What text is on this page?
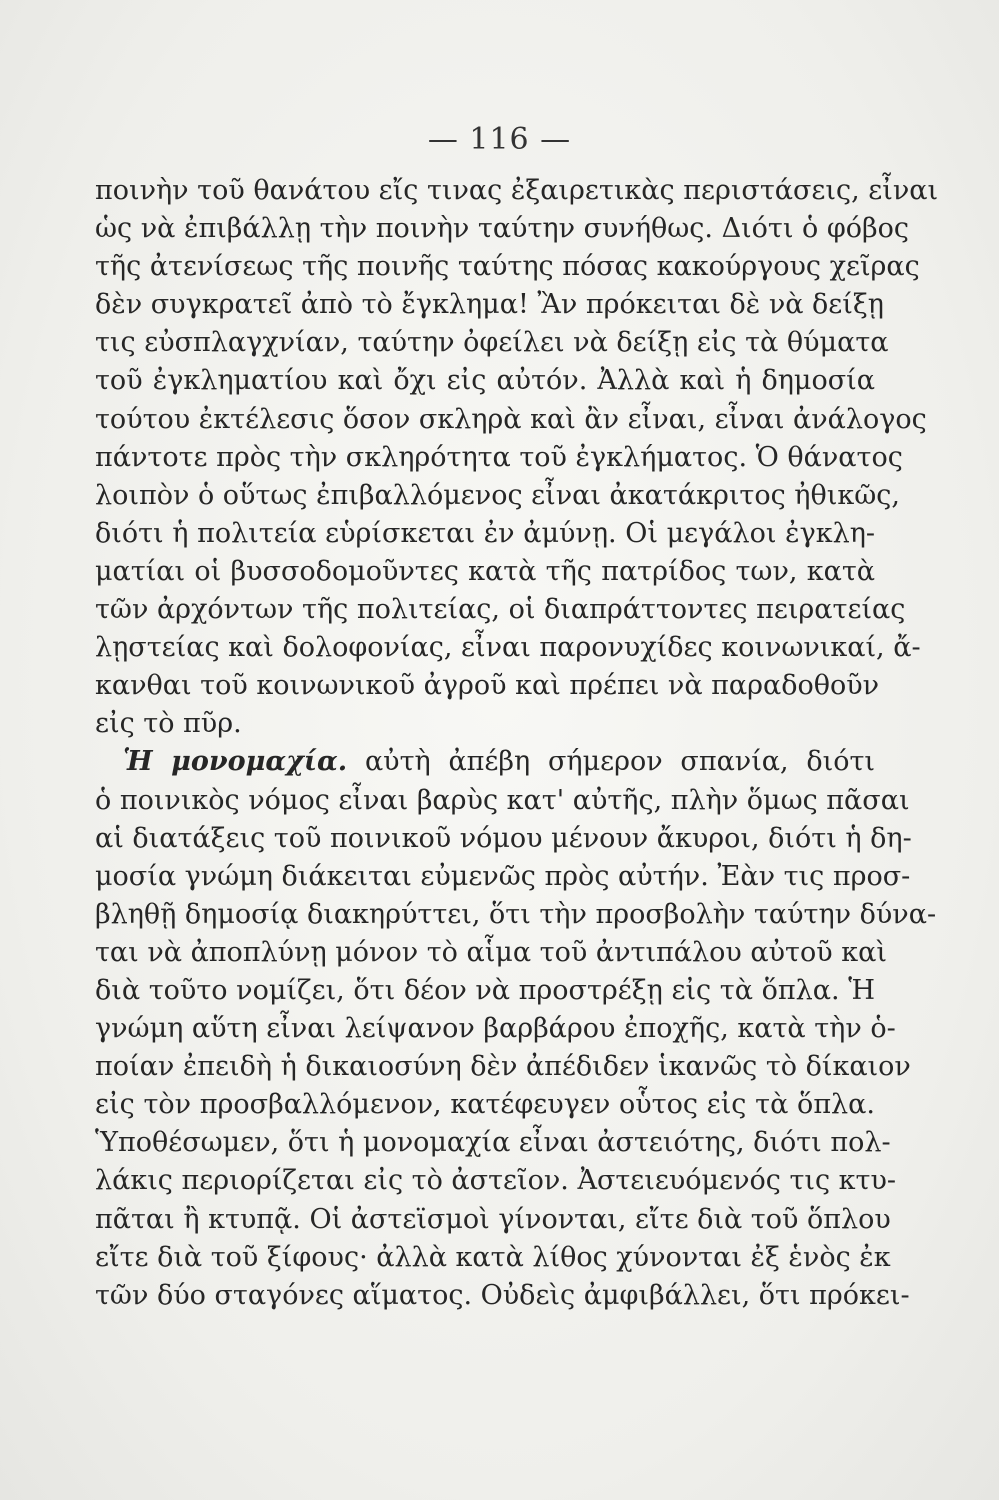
— 116 —
ποινὴν τοῦ θανάτου εἴς τινας ἐξαιρετικὰς περιστάσεις, εἶναι
ὡς νὰ ἐπιβάλλῃ τὴν ποινὴν ταύτην συνήθως. Διότι ὁ φόβος
τῆς ἀτενίσεως τῆς ποινῆς ταύτης πόσας κακούργους χεῖρας
δὲν συγκρατεῖ ἀπὸ τὸ ἔγκλημα! Ἂν πρόκειται δὲ νὰ δείξῃ
τις εὐσπλαγχνίαν, ταύτην ὀφείλει νὰ δείξῃ εἰς τὰ θύματα
τοῦ ἐγκληματίου καὶ ὄχι εἰς αὐτόν. Ἀλλὰ καὶ ἡ δημοσία
τούτου ἐκτέλεσις ὅσον σκληρὰ καὶ ἂν εἶναι, εἶναι ἀνάλογος
πάντοτε πρὸς τὴν σκληρότητα τοῦ ἐγκλήματος. Ὁ θάνατος
λοιπὸν ὁ οὕτως ἐπιβαλλόμενος εἶναι ἀκατάκριτος ἠθικῶς,
διότι ἡ πολιτεία εὑρίσκεται ἐν ἀμύνῃ. Οἱ μεγάλοι ἐγκλη-
ματίαι οἱ βυσσοδομοῦντες κατὰ τῆς πατρίδος των, κατὰ
τῶν ἀρχόντων τῆς πολιτείας, οἱ διαπράττοντες πειρατείας
λῃστείας καὶ δολοφονίας, εἶναι παρονυχίδες κοινωνικαί, ἄ-
κανθαι τοῦ κοινωνικοῦ ἀγροῦ καὶ πρέπει νὰ παραδοθοῦν
εἰς τὸ πῦρ.
Ἡ μονομαχία. αὐτὴ ἀπέβη σήμερον σπανία, διότι
ὁ ποινικὸς νόμος εἶναι βαρὺς κατ' αὐτῆς, πλὴν ὅμως πᾶσαι
αἱ διατάξεις τοῦ ποινικοῦ νόμου μένουν ἄκυροι, διότι ἡ δη-
μοσία γνώμη διάκειται εὐμενῶς πρὸς αὐτήν. Ἐὰν τις προσ-
βληθῇ δημοσίᾳ διακηρύττει, ὅτι τὴν προσβολὴν ταύτην δύνα-
ται νὰ ἀποπλύνῃ μόνον τὸ αἷμα τοῦ ἀντιπάλου αὐτοῦ καὶ
διὰ τοῦτο νομίζει, ὅτι δέον νὰ προστρέξῃ εἰς τὰ ὅπλα. Ἡ
γνώμη αὕτη εἶναι λείψανον βαρβάρου ἐποχῆς, κατὰ τὴν ὁ-
ποίαν ἐπειδὴ ἡ δικαιοσύνη δὲν ἀπέδιδεν ἱκανῶς τὸ δίκαιον
εἰς τὸν προσβαλλόμενον, κατέφευγεν οὗτος εἰς τὰ ὅπλα.
Ὑποθέσωμεν, ὅτι ἡ μονομαχία εἶναι ἀστειότης, διότι πολ-
λάκις περιορίζεται εἰς τὸ ἀστεῖον. Ἀστειευόμενός τις κτυ-
πᾶται ἢ κτυπᾷ. Οἱ ἀστεϊσμοὶ γίνονται, εἴτε διὰ τοῦ ὅπλου
εἴτε διὰ τοῦ ξίφους· ἀλλὰ κατὰ λίθος χύνονται ἐξ ἑνὸς ἐκ
τῶν δύο σταγόνες αἵματος. Οὐδεὶς ἀμφιβάλλει, ὅτι πρόκει-
